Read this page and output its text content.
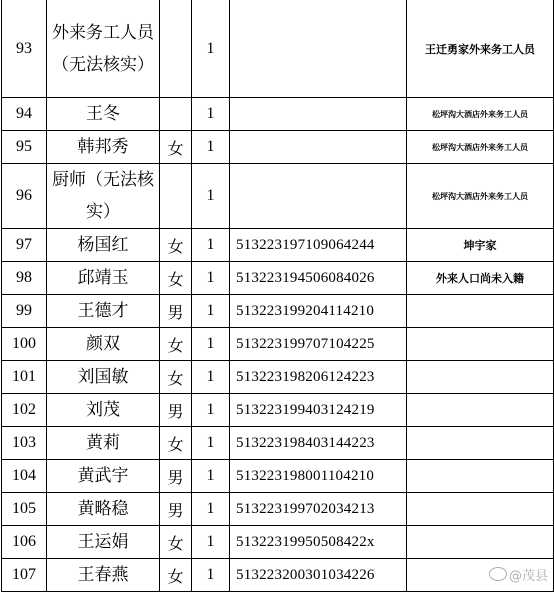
93	外来务工人员（无法核实）		1		王迁勇家外来务工人员
94	王冬		1		松坪沟大酒店外来务工人员
95	韩邦秀	女	1		松坪沟大酒店外来务工人员
96	厨师（无法核实）		1		松坪沟大酒店外来务工人员
97	杨国红	女	1	513223197109064244	坤宇家
98	邱靖玉	女	1	513223194506084026	外来人口尚未入籍
99	王德才	男	1	513223199204114210	
100	颜双	女	1	513223199707104225	
101	刘国敏	女	1	513223198206124223	
102	刘茂	男	1	513223199403124219	
103	黄莉	女	1	513223198403144223	
104	黄武宇	男	1	513223198001104210	
105	黄略稳	男	1	513223199702034213	
106	王运娟	女	1	51322319950508422x	
107	王春燕	女	1	513223200301034226		@茂县
